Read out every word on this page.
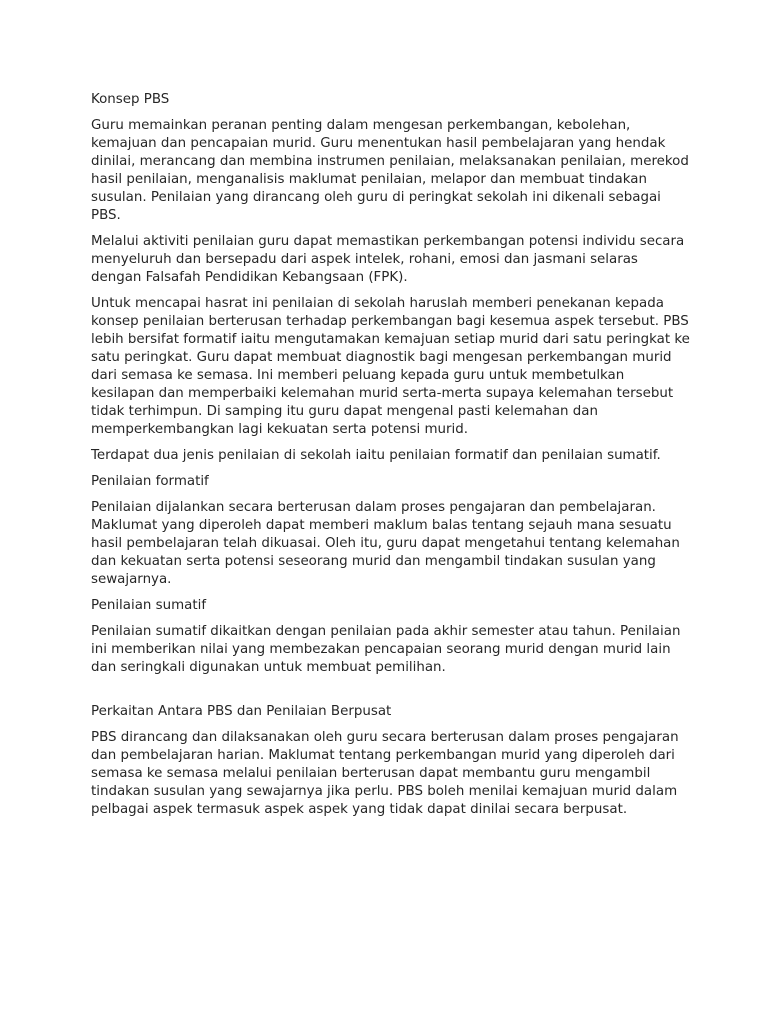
Konsep PBS

Guru memainkan peranan penting dalam mengesan perkembangan, kebolehan, kemajuan dan pencapaian murid. Guru menentukan hasil pembelajaran yang hendak dinilai, merancang dan membina instrumen penilaian, melaksanakan penilaian, merekod hasil penilaian, menganalisis maklumat penilaian, melapor dan membuat tindakan susulan. Penilaian yang dirancang oleh guru di peringkat sekolah ini dikenali sebagai PBS.

Melalui aktiviti penilaian guru dapat memastikan perkembangan potensi individu secara menyeluruh dan bersepadu dari aspek intelek, rohani, emosi dan jasmani selaras dengan Falsafah Pendidikan Kebangsaan (FPK).

Untuk mencapai hasrat ini penilaian di sekolah haruslah memberi penekanan kepada konsep penilaian berterusan terhadap perkembangan bagi kesemua aspek tersebut. PBS lebih bersifat formatif iaitu mengutamakan kemajuan setiap murid dari satu peringkat ke satu peringkat. Guru dapat membuat diagnostik bagi mengesan perkembangan murid dari semasa ke semasa. Ini memberi peluang kepada guru untuk membetulkan kesilapan dan memperbaiki kelemahan murid serta-merta supaya kelemahan tersebut tidak terhimpun. Di samping itu guru dapat mengenal pasti kelemahan dan memperkembangkan lagi kekuatan serta potensi murid.

Terdapat dua jenis penilaian di sekolah iaitu penilaian formatif dan penilaian sumatif.

Penilaian formatif

Penilaian dijalankan secara berterusan dalam proses pengajaran dan pembelajaran. Maklumat yang diperoleh dapat memberi maklum balas tentang sejauh mana sesuatu hasil pembelajaran telah dikuasai. Oleh itu, guru dapat mengetahui tentang kelemahan dan kekuatan serta potensi seseorang murid dan mengambil tindakan susulan yang sewajarnya.

Penilaian sumatif

Penilaian sumatif dikaitkan dengan penilaian pada akhir semester atau tahun. Penilaian ini memberikan nilai yang membezakan pencapaian seorang murid dengan murid lain dan seringkali digunakan untuk membuat pemilihan.

Perkaitan Antara PBS dan Penilaian Berpusat

PBS dirancang dan dilaksanakan oleh guru secara berterusan dalam proses pengajaran dan pembelajaran harian. Maklumat tentang perkembangan murid yang diperoleh dari semasa ke semasa melalui penilaian berterusan dapat membantu guru mengambil tindakan susulan yang sewajarnya jika perlu. PBS boleh menilai kemajuan murid dalam pelbagai aspek termasuk aspek aspek yang tidak dapat dinilai secara berpusat.
